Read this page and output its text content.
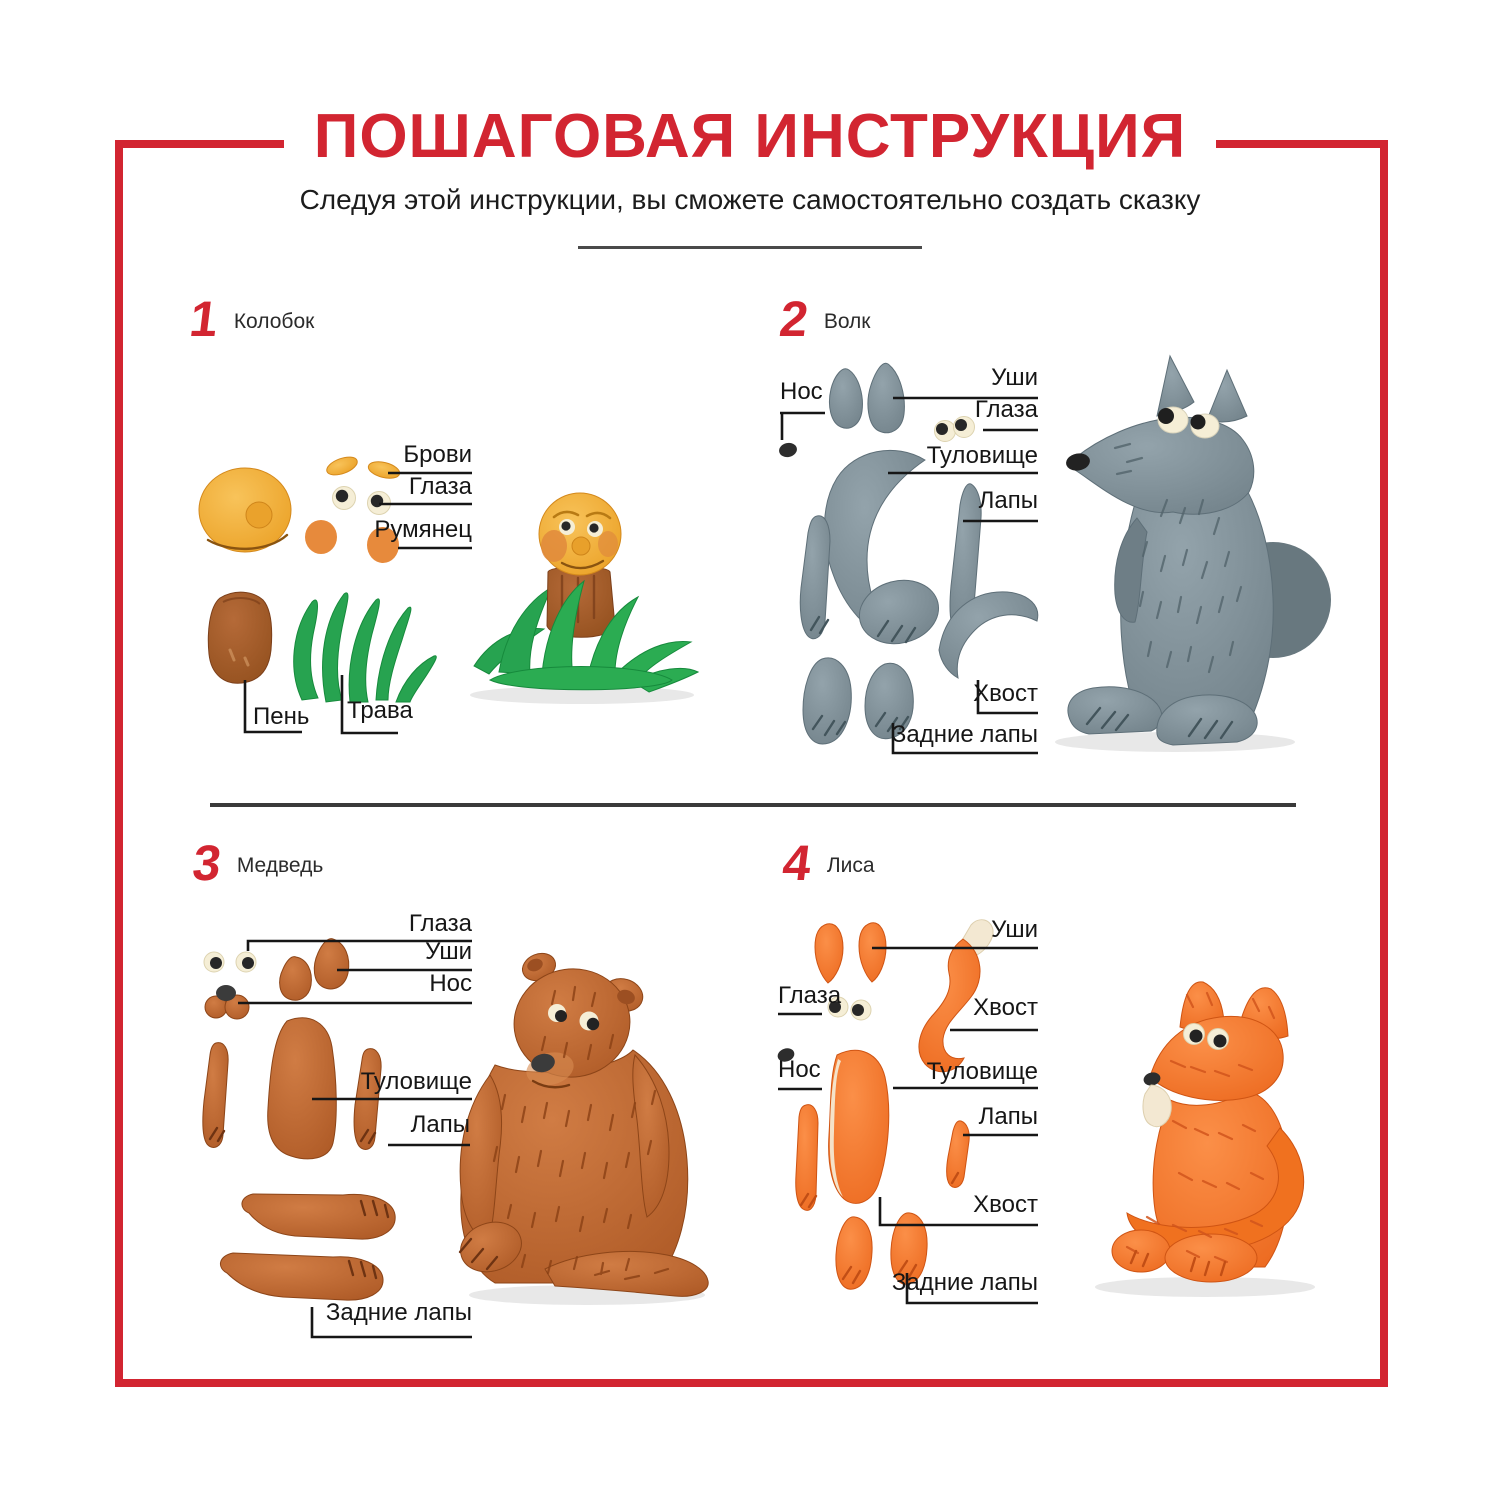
ПОШАГОВАЯ ИНСТРУКЦИЯ
Следуя этой инструкции, вы сможете самостоятельно создать сказку
1 Колобок	2 Волк
3 Медведь	4 Лиса
Брови
Глаза
Румянец
Пень Трава
Нос
Уши
Глаза
Туловище
Лапы
Хвост
Задние лапы
Глаза
Уши
Нос
Туловище
Лапы
Задние лапы
Уши
Глаза	Хвост
Нос	Туловище
Лапы
Хвост
Задние лапы
